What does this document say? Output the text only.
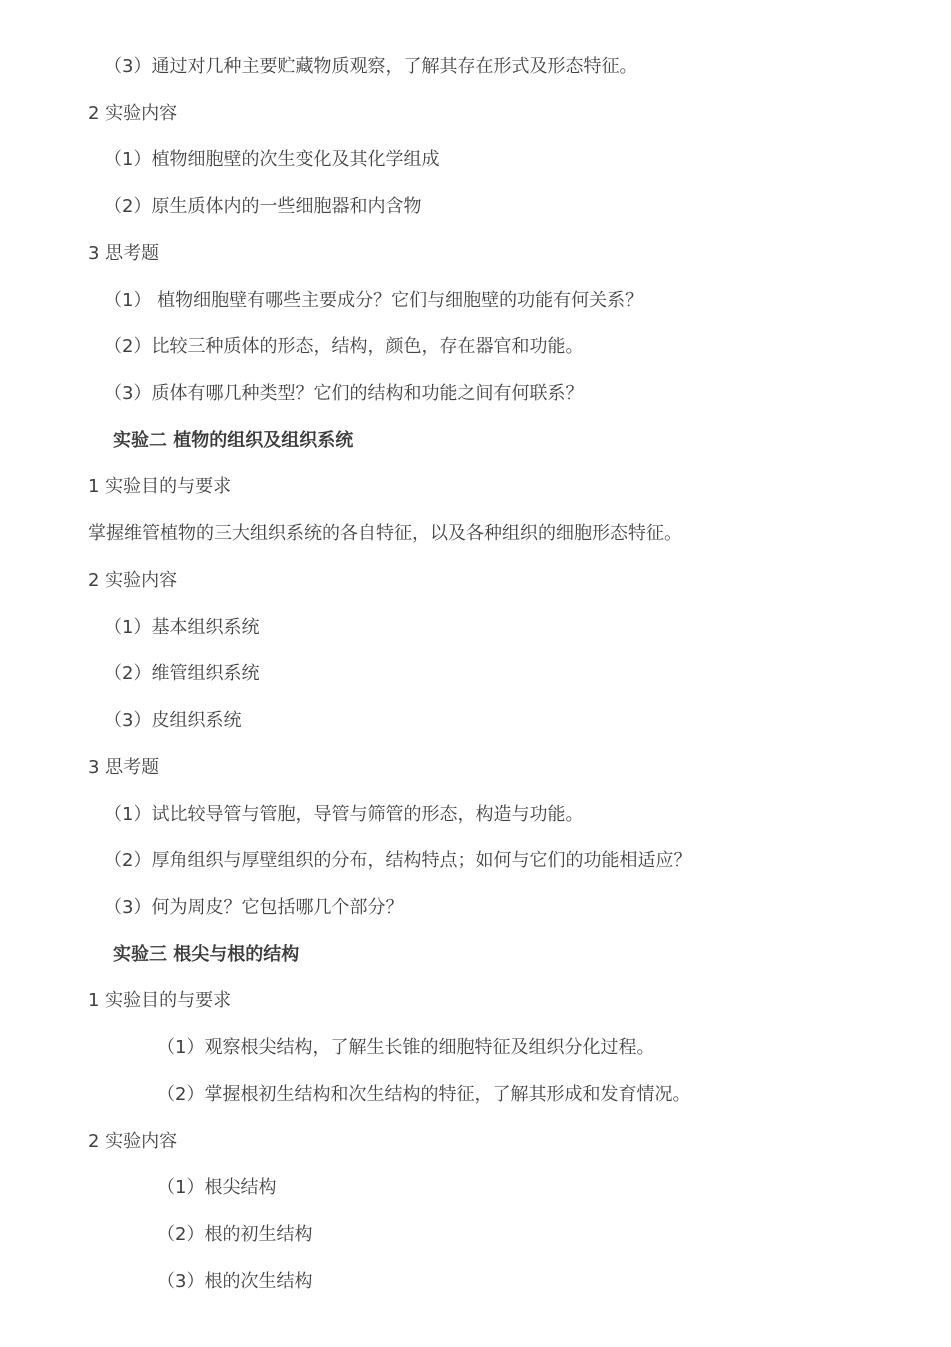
（3）通过对几种主要贮藏物质观察，了解其存在形式及形态特征。
2 实验内容
（1）植物细胞壁的次生变化及其化学组成
（2）原生质体内的一些细胞器和内含物
3 思考题
（1） 植物细胞壁有哪些主要成分？它们与细胞壁的功能有何关系？
（2）比较三种质体的形态，结构，颜色，存在器官和功能。
（3）质体有哪几种类型？它们的结构和功能之间有何联系？
实验二 植物的组织及组织系统
1 实验目的与要求
掌握维管植物的三大组织系统的各自特征，以及各种组织的细胞形态特征。
2 实验内容
（1）基本组织系统
（2）维管组织系统
（3）皮组织系统
3 思考题
（1）试比较导管与管胞，导管与筛管的形态，构造与功能。
（2）厚角组织与厚壁组织的分布，结构特点；如何与它们的功能相适应？
（3）何为周皮？它包括哪几个部分？
实验三 根尖与根的结构
1 实验目的与要求
（1）观察根尖结构，了解生长锥的细胞特征及组织分化过程。
（2）掌握根初生结构和次生结构的特征，了解其形成和发育情况。
2 实验内容
（1）根尖结构
（2）根的初生结构
（3）根的次生结构
